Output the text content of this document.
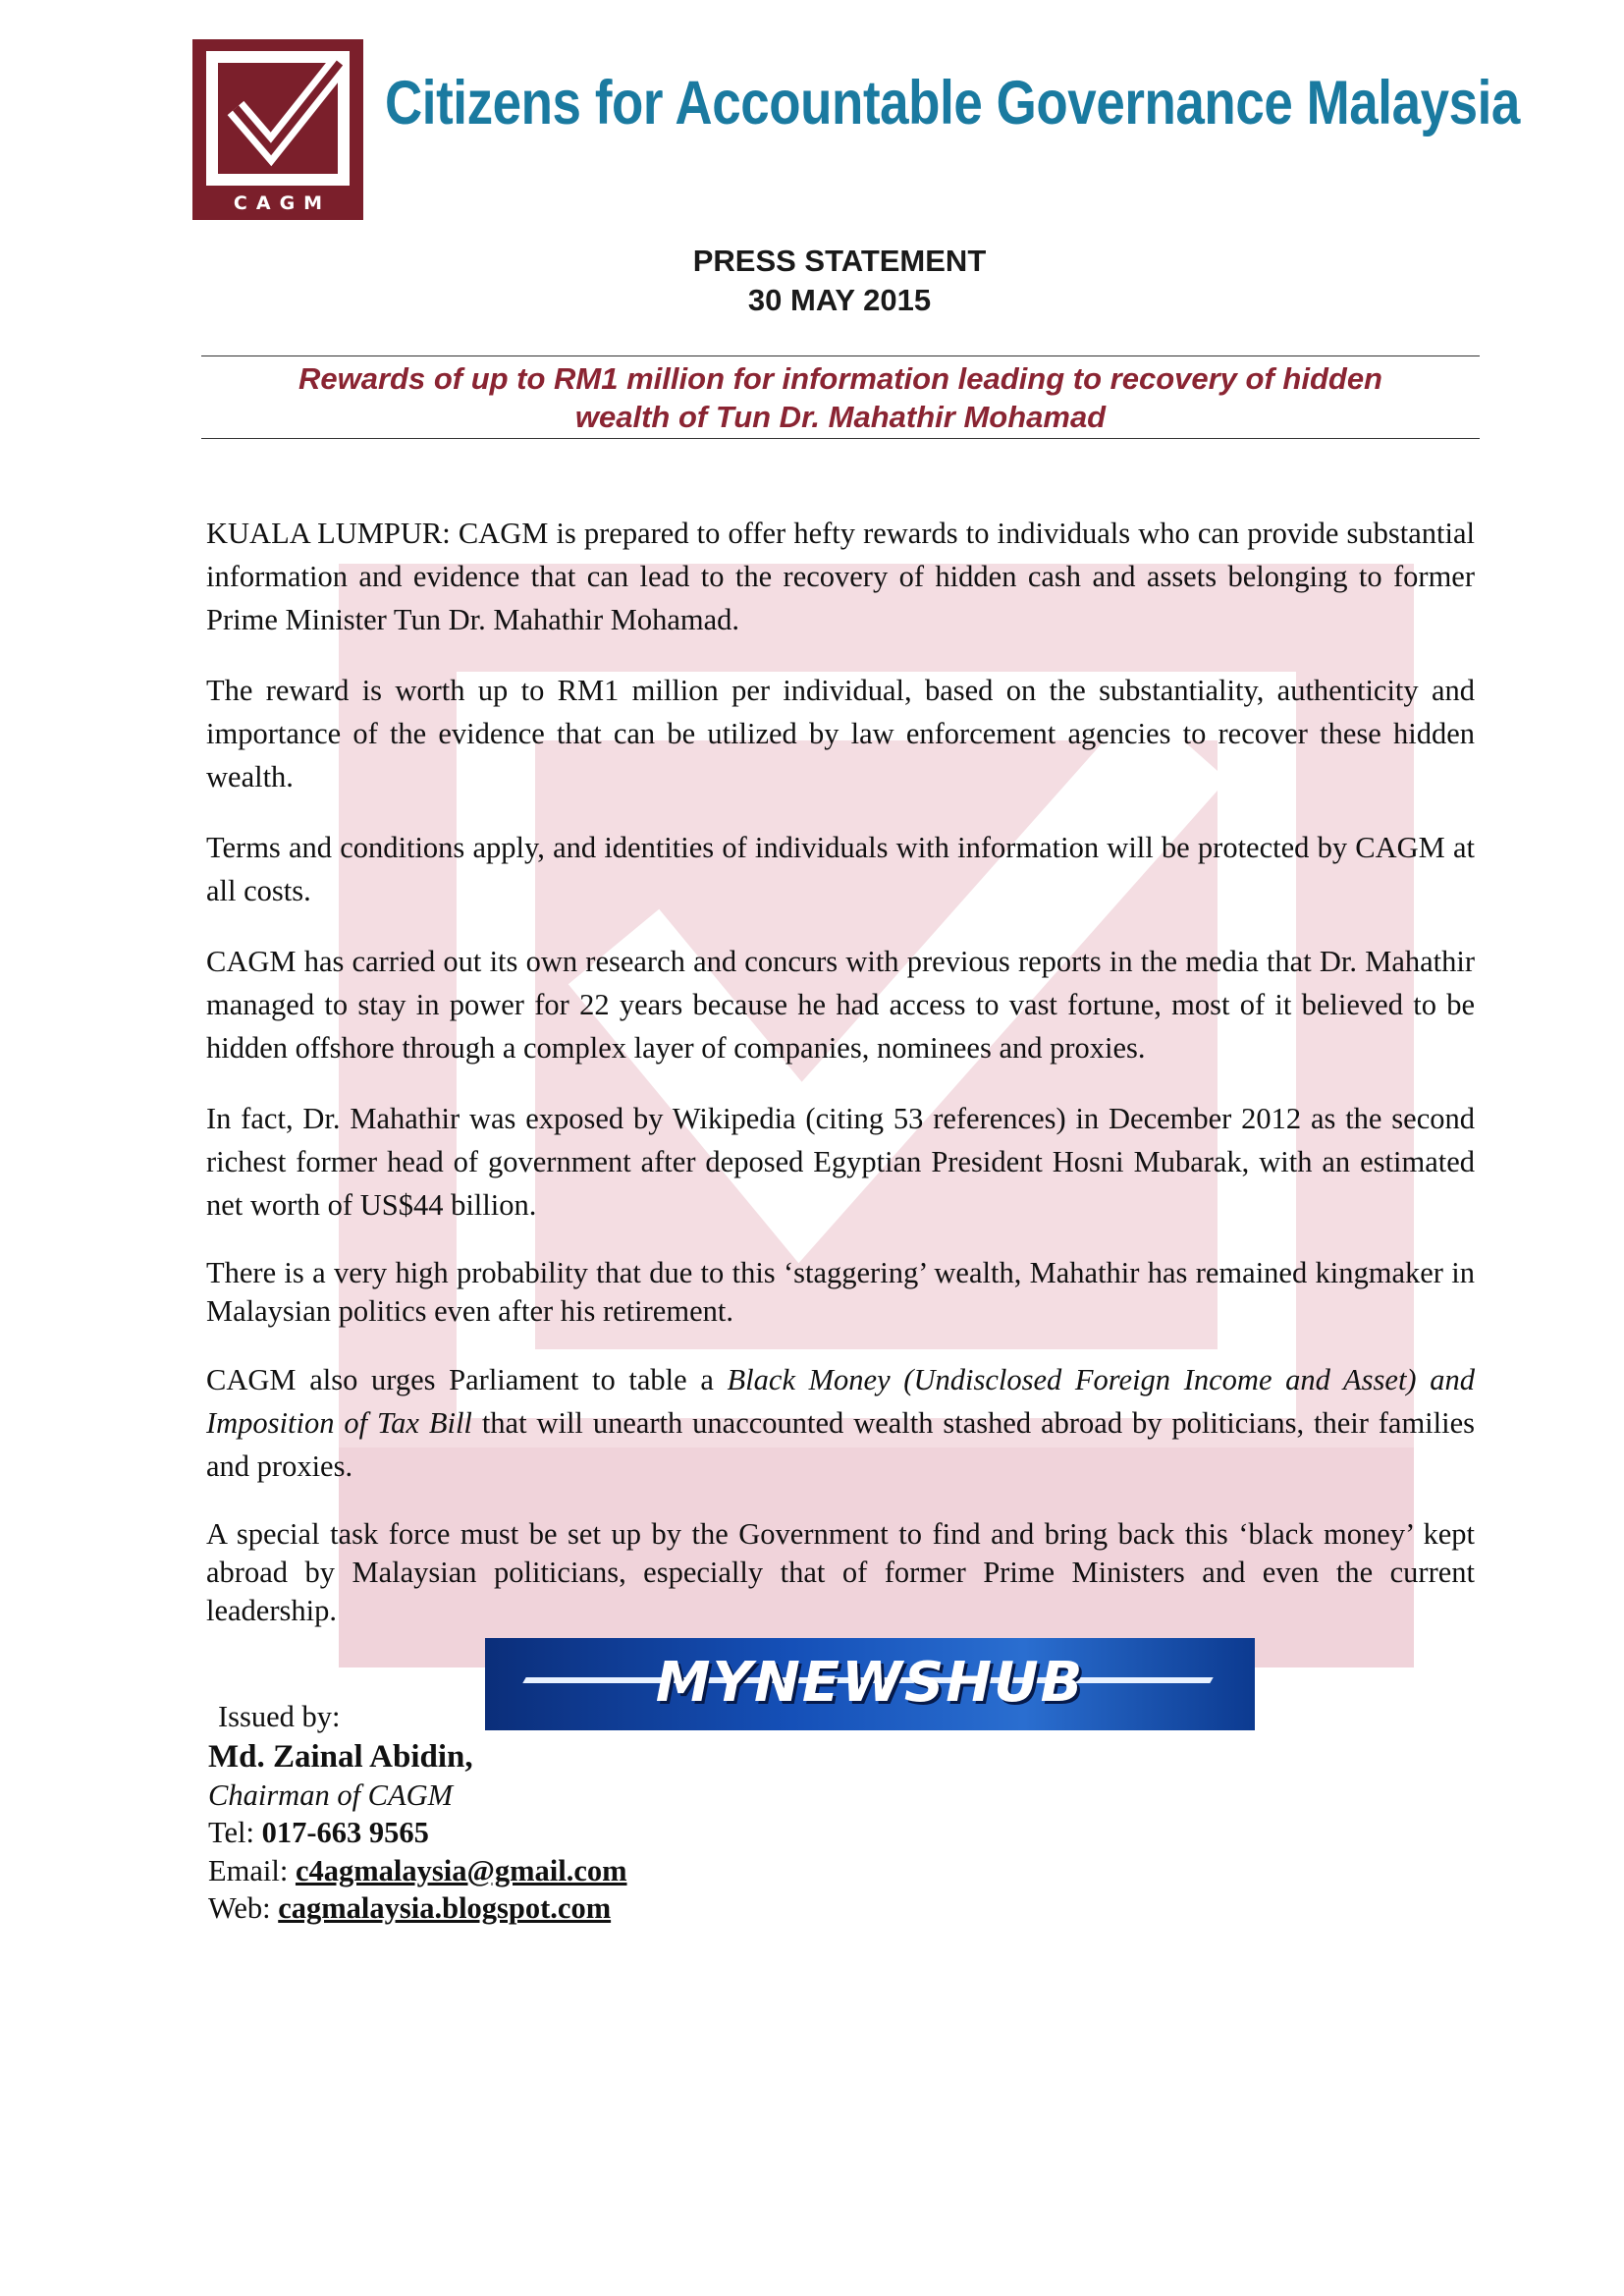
CAGM
Citizens for Accountable Governance Malaysia
PRESS STATEMENT
30 MAY 2015
Rewards of up to RM1 million for information leading to recovery of hidden
wealth of Tun Dr. Mahathir Mohamad

KUALA LUMPUR: CAGM is prepared to offer hefty rewards to individuals who can provide substantial information and evidence that can lead to the recovery of hidden cash and assets belonging to former Prime Minister Tun Dr. Mahathir Mohamad.

The reward is worth up to RM1 million per individual, based on the substantiality, authenticity and importance of the evidence that can be utilized by law enforcement agencies to recover these hidden wealth.

Terms and conditions apply, and identities of individuals with information will be protected by CAGM at all costs.

CAGM has carried out its own research and concurs with previous reports in the media that Dr. Mahathir managed to stay in power for 22 years because he had access to vast fortune, most of it believed to be hidden offshore through a complex layer of companies, nominees and proxies.

In fact, Dr. Mahathir was exposed by Wikipedia (citing 53 references) in December 2012 as the second richest former head of government after deposed Egyptian President Hosni Mubarak, with an estimated net worth of US$44 billion.

There is a very high probability that due to this ‘staggering’ wealth, Mahathir has remained kingmaker in Malaysian politics even after his retirement.

CAGM also urges Parliament to table a Black Money (Undisclosed Foreign Income and Asset) and Imposition of Tax Bill that will unearth unaccounted wealth stashed abroad by politicians, their families and proxies.

A special task force must be set up by the Government to find and bring back this ‘black money’ kept abroad by Malaysian politicians, especially that of former Prime Ministers and even the current leadership.

MYNEWSHUB
Issued by:
Md. Zainal Abidin,
Chairman of CAGM
Tel: 017-663 9565
Email: c4agmalaysia@gmail.com
Web: cagmalaysia.blogspot.com
